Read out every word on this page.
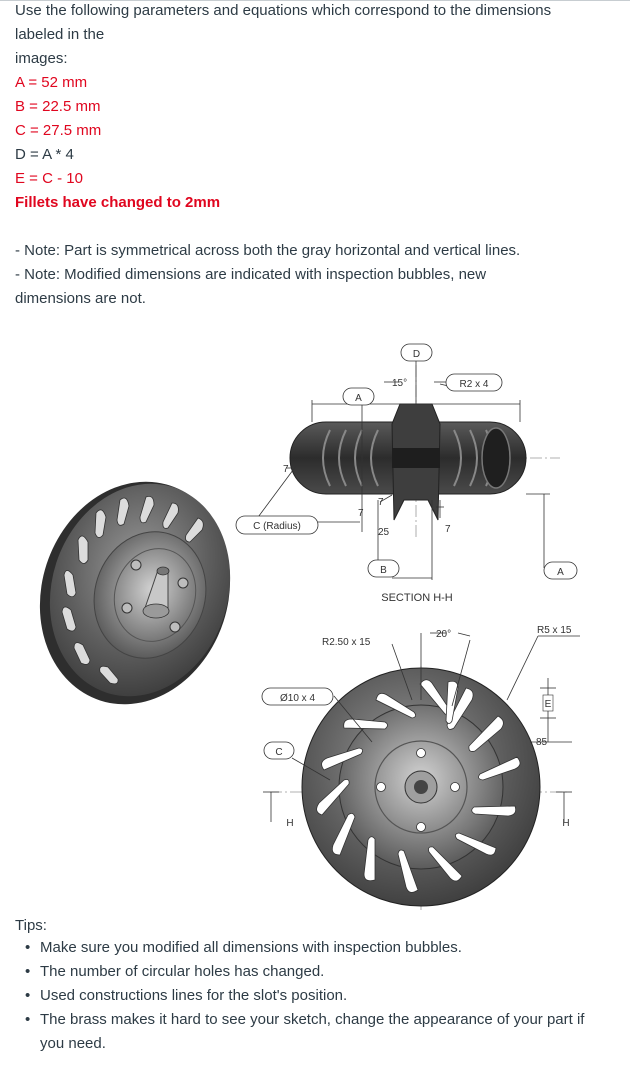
Use the following parameters and equations which correspond to the dimensions
labeled in the
images:
A = 52 mm
B = 22.5 mm
C = 27.5 mm
D = A * 4
E = C - 10
Fillets have changed to 2mm
- Note: Part is symmetrical across both the gray horizontal and vertical lines.
- Note: Modified dimensions are indicated with inspection bubbles, new
dimensions are not.
D
A
R2 x 4
15°
7
7
7
25	7
C (Radius)
B	A
SECTION H-H
R2.50 x 15
20°	R5 x 15
Ø10 x 4
E
85
C
H	H
Tips:
• Make sure you modified all dimensions with inspection bubbles.
• The number of circular holes has changed.
• Used constructions lines for the slot's position.
• The brass makes it hard to see your sketch, change the appearance of your part if
you need.
